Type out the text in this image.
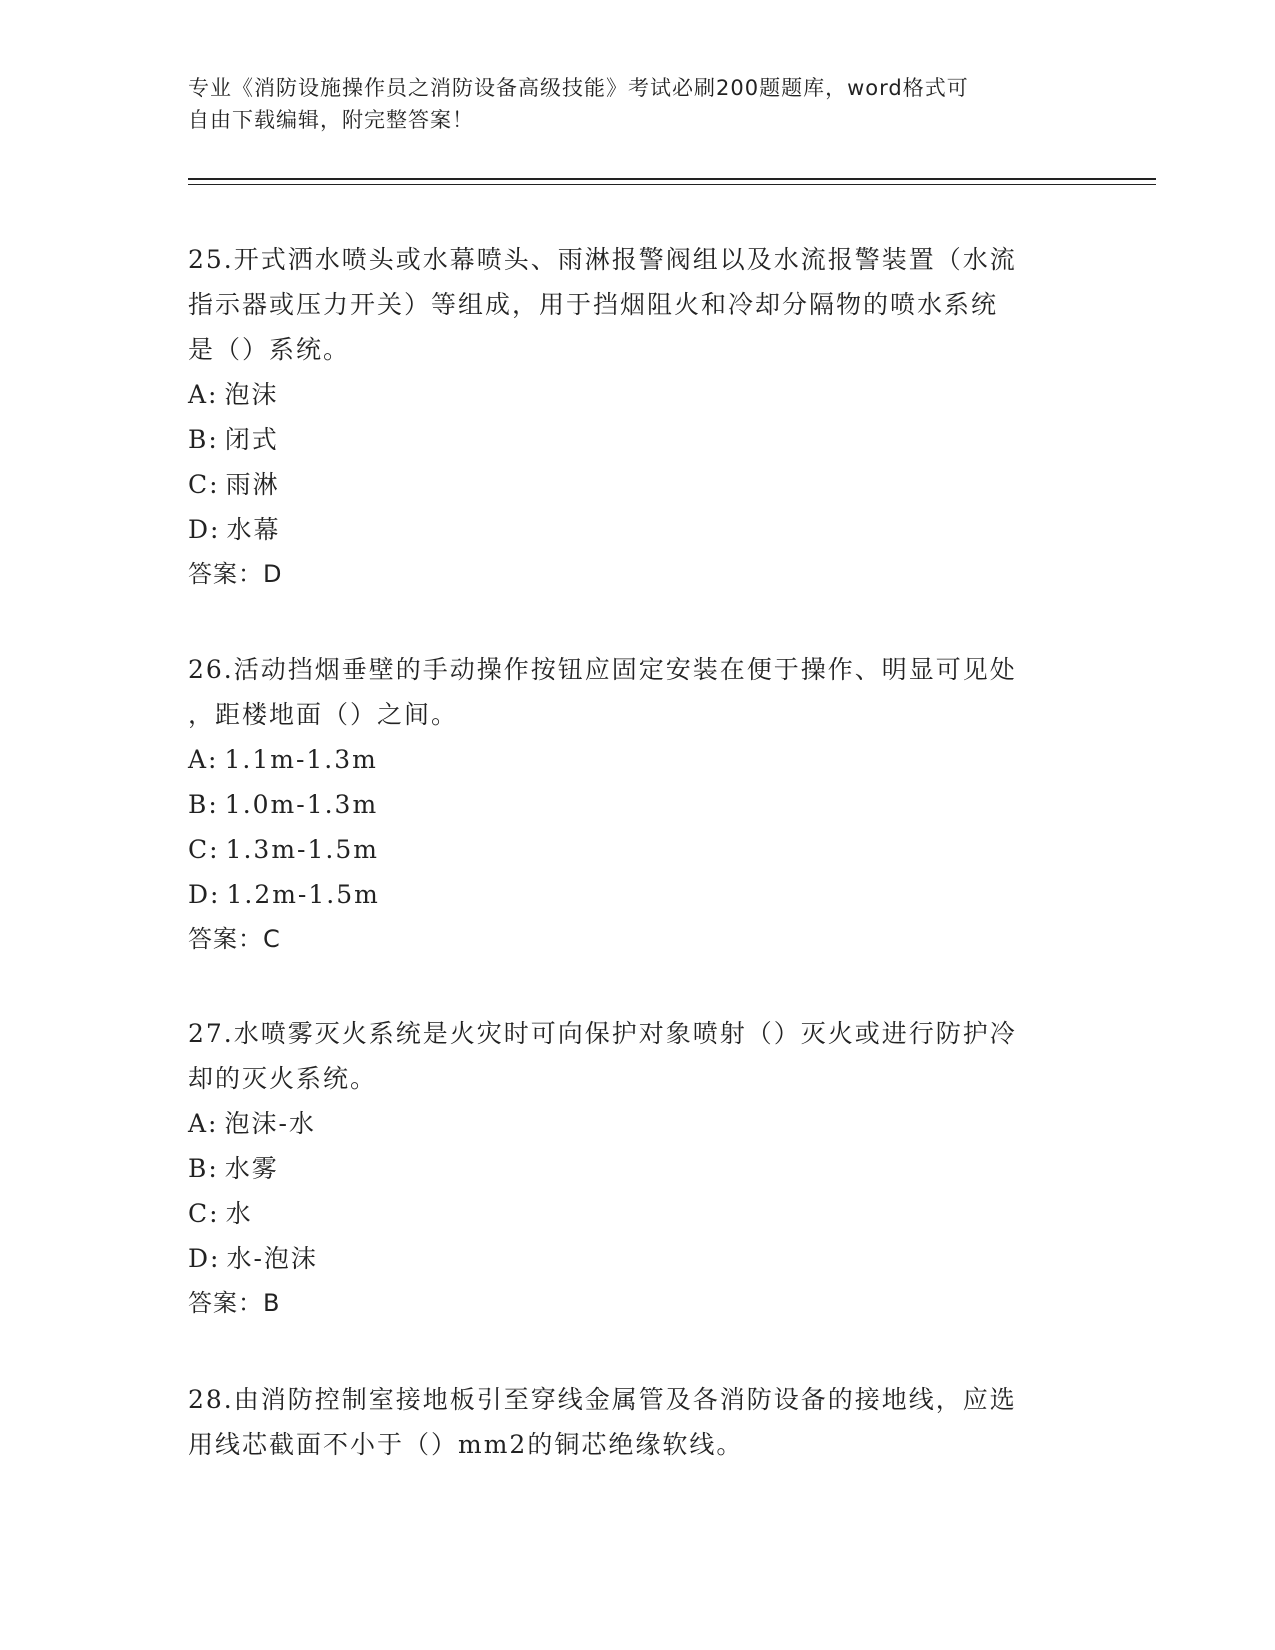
专业《消防设施操作员之消防设备高级技能》考试必刷200题题库，word格式可
自由下载编辑，附完整答案！

25.开式洒水喷头或水幕喷头、雨淋报警阀组以及水流报警装置（水流

指示器或压力开关）等组成，用于挡烟阻火和冷却分隔物的喷水系统

是（）系统。

A: 泡沫

B: 闭式

C: 雨淋

D: 水幕

答案：D

26.活动挡烟垂壁的手动操作按钮应固定安装在便于操作、明显可见处

，距楼地面（）之间。

A: 1.1m-1.3m

B: 1.0m-1.3m

C: 1.3m-1.5m

D: 1.2m-1.5m

答案：C

27.水喷雾灭火系统是火灾时可向保护对象喷射（）灭火或进行防护冷

却的灭火系统。

A: 泡沫-水

B: 水雾

C: 水

D: 水-泡沫

答案：B

28.由消防控制室接地板引至穿线金属管及各消防设备的接地线，应选

用线芯截面不小于（）mm2的铜芯绝缘软线。
